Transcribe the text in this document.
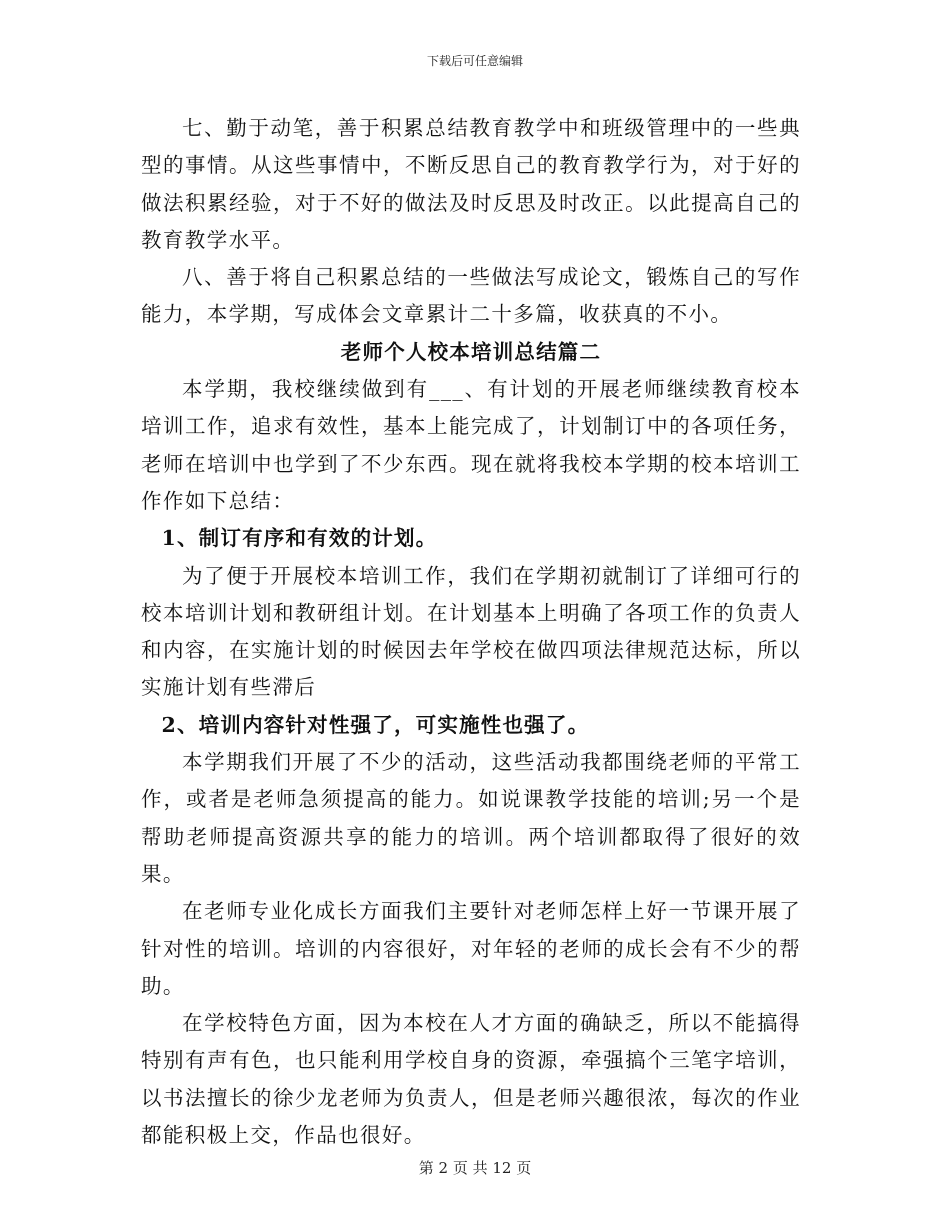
下载后可任意编辑

七、勤于动笔，善于积累总结教育教学中和班级管理中的一些典型的事情。从这些事情中，不断反思自己的教育教学行为，对于好的做法积累经验，对于不好的做法及时反思及时改正。以此提高自己的教育教学水平。

八、善于将自己积累总结的一些做法写成论文，锻炼自己的写作能力，本学期，写成体会文章累计二十多篇，收获真的不小。

老师个人校本培训总结篇二

本学期，我校继续做到有___、有计划的开展老师继续教育校本培训工作，追求有效性，基本上能完成了，计划制订中的各项任务，老师在培训中也学到了不少东西。现在就将我校本学期的校本培训工作作如下总结：

1、制订有序和有效的计划。

为了便于开展校本培训工作，我们在学期初就制订了详细可行的校本培训计划和教研组计划。在计划基本上明确了各项工作的负责人和内容，在实施计划的时候因去年学校在做四项法律规范达标，所以实施计划有些滞后

2、培训内容针对性强了，可实施性也强了。

本学期我们开展了不少的活动，这些活动我都围绕老师的平常工作，或者是老师急须提高的能力。如说课教学技能的培训;另一个是帮助老师提高资源共享的能力的培训。两个培训都取得了很好的效果。

在老师专业化成长方面我们主要针对老师怎样上好一节课开展了针对性的培训。培训的内容很好，对年轻的老师的成长会有不少的帮助。

在学校特色方面，因为本校在人才方面的确缺乏，所以不能搞得特别有声有色，也只能利用学校自身的资源，牵强搞个三笔字培训，以书法擅长的徐少龙老师为负责人，但是老师兴趣很浓，每次的作业都能积极上交，作品也很好。

第 2 页 共 12 页
